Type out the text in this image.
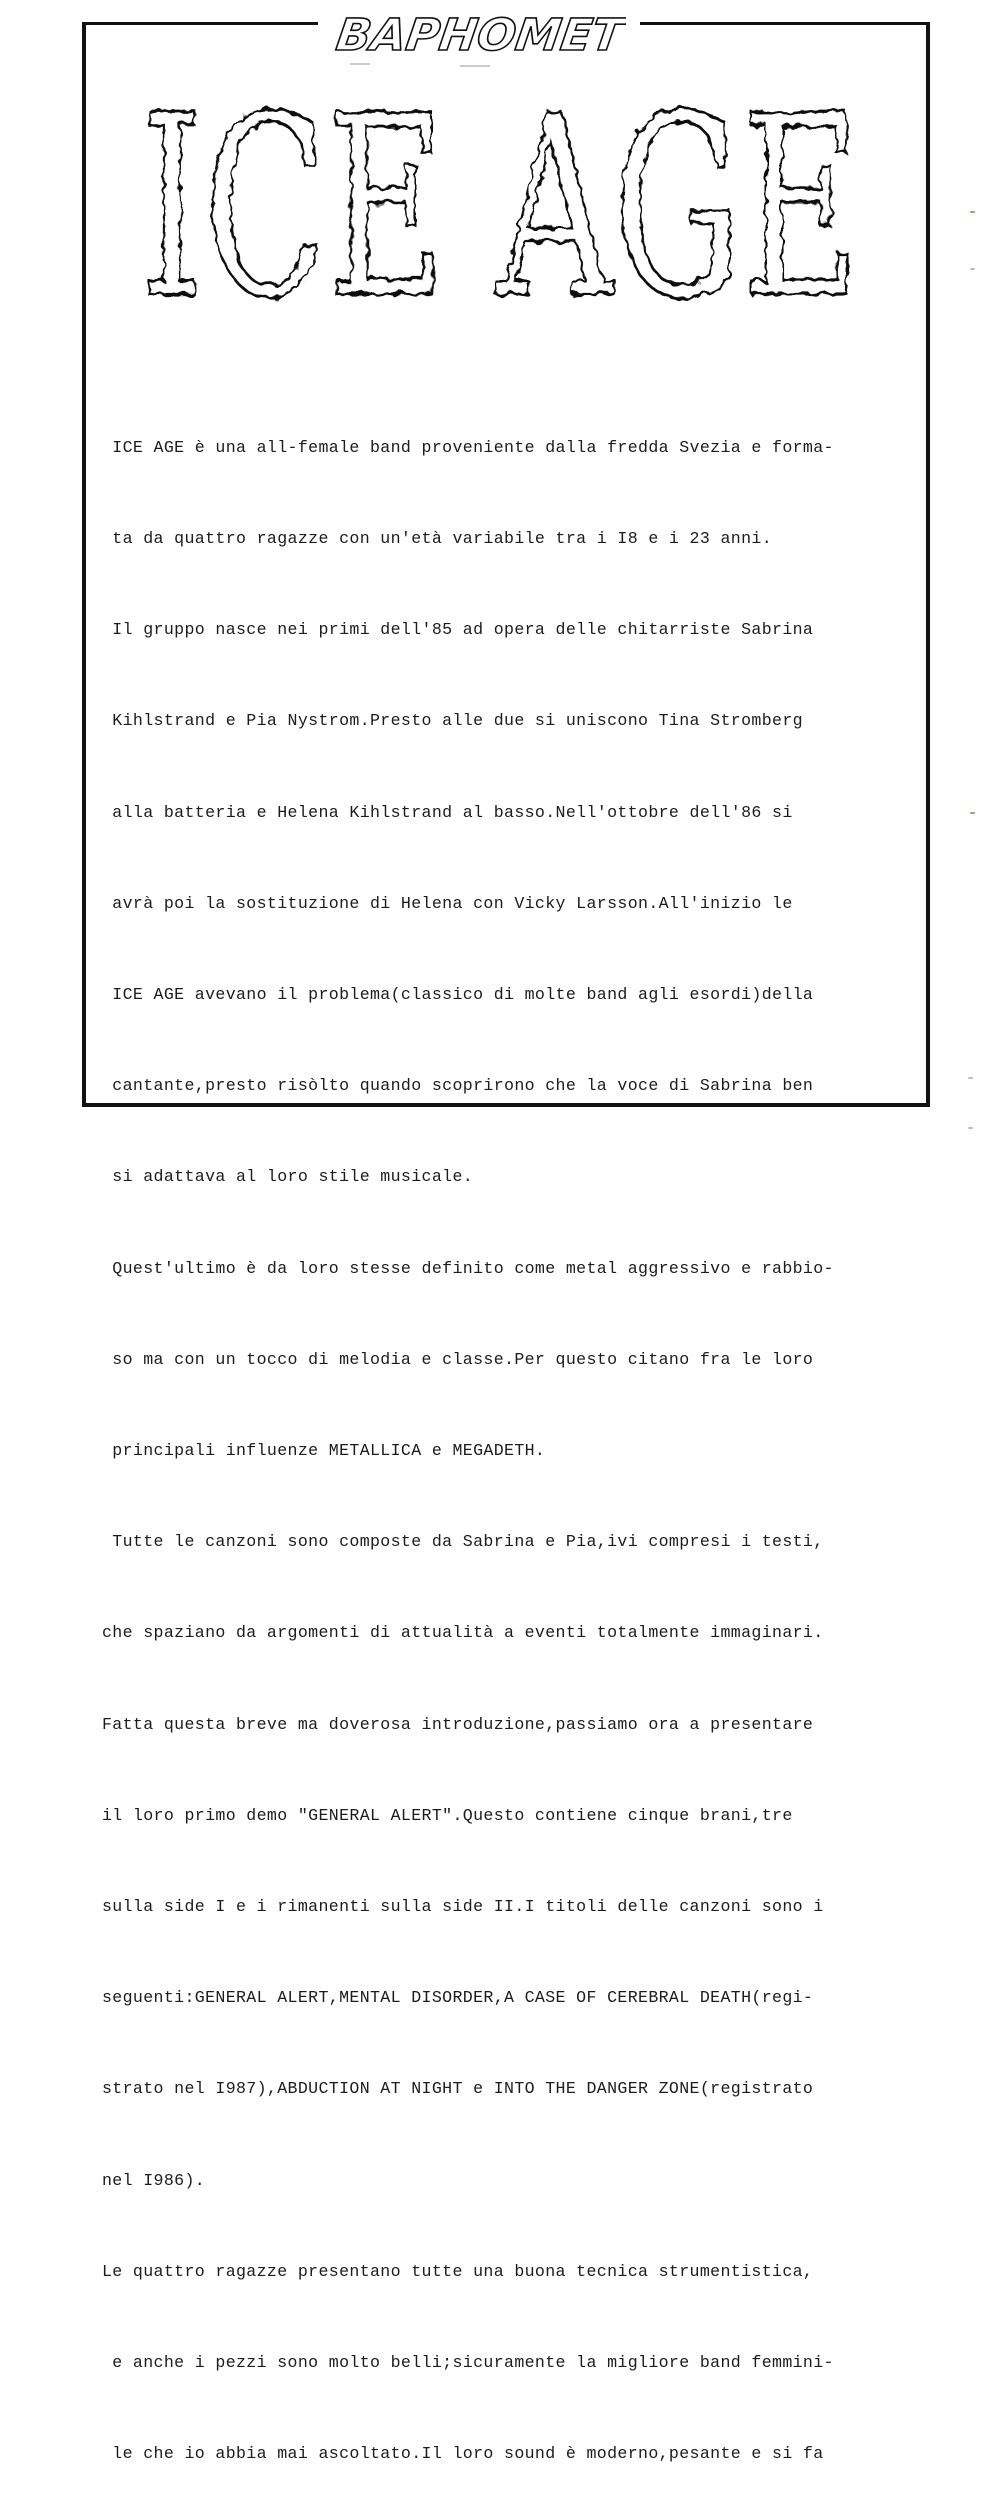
BAPHOMET
ICE AGE

ICE AGE è una all-female band proveniente dalla fredda Svezia e forma-

ta da quattro ragazze con un'età variabile tra i I8 e i 23 anni.

Il gruppo nasce nei primi dell'85 ad opera delle chitarriste Sabrina

Kihlstrand e Pia Nystrom.Presto alle due si uniscono Tina Stromberg

alla batteria e Helena Kihlstrand al basso.Nell'ottobre dell'86 si

avrà poi la sostituzione di Helena con Vicky Larsson.All'inizio le

ICE AGE avevano il problema(classico di molte band agli esordi)della

cantante,presto risòlto quando scoprirono che la voce di Sabrina ben

si adattava al loro stile musicale.

Quest'ultimo è da loro stesse definito come metal aggressivo e rabbio-

so ma con un tocco di melodia e classe.Per questo citano fra le loro

principali influenze METALLICA e MEGADETH.

Tutte le canzoni sono composte da Sabrina e Pia,ivi compresi i testi,

che spaziano da argomenti di attualità a eventi totalmente immaginari.

Fatta questa breve ma doverosa introduzione,passiamo ora a presentare

il loro primo demo "GENERAL ALERT".Questo contiene cinque brani,tre

sulla side I e i rimanenti sulla side II.I titoli delle canzoni sono i

seguenti:GENERAL ALERT,MENTAL DISORDER,A CASE OF CEREBRAL DEATH(regi-

strato nel I987),ABDUCTION AT NIGHT e INTO THE DANGER ZONE(registrato

nel I986).

Le quattro ragazze presentano tutte una buona tecnica strumentistica,

e anche i pezzi sono molto belli;sicuramente la migliore band femmini-

le che io abbia mai ascoltato.Il loro sound è moderno,pesante e si fa
